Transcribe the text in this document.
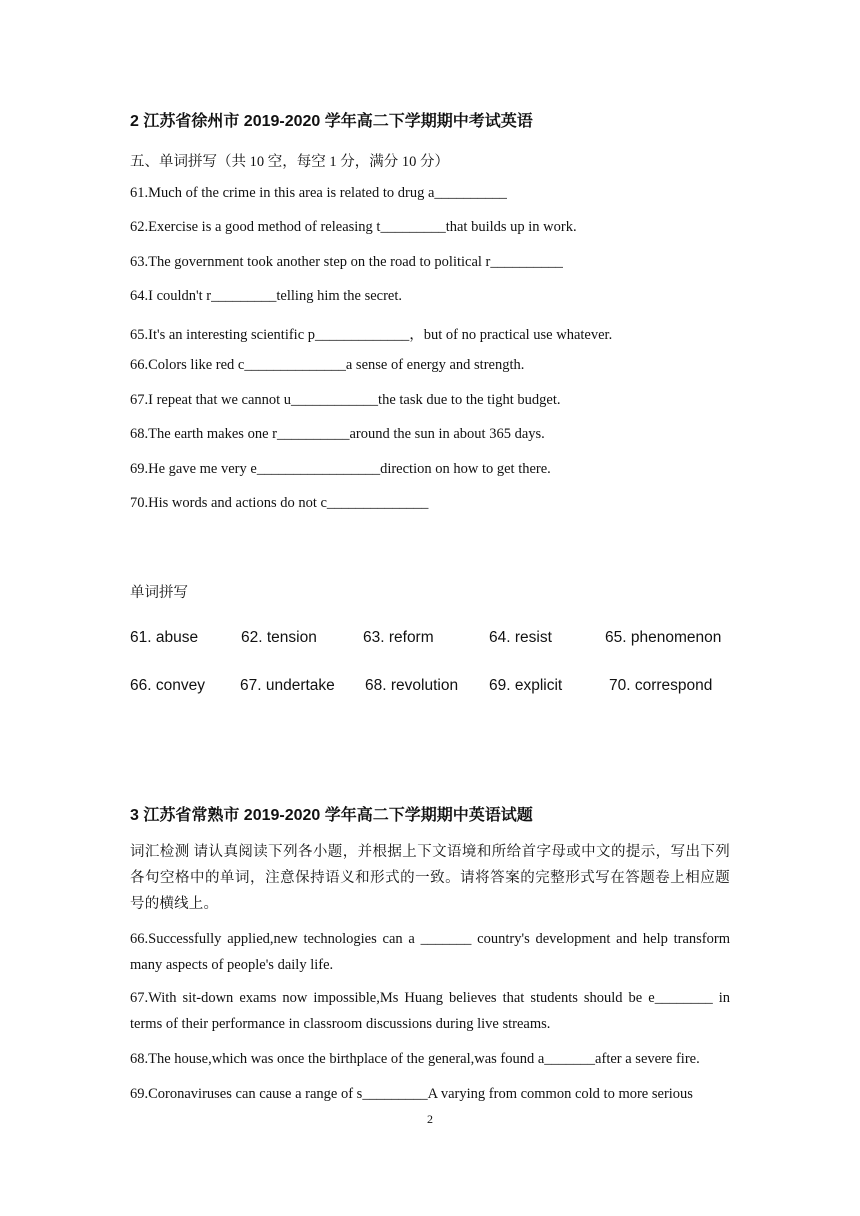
2 江苏省徐州市 2019-2020 学年高二下学期期中考试英语
五、单词拼写（共 10 空，每空 1 分，满分 10 分）
61.Much of the crime in this area is related to drug a__________
62.Exercise is a good method of releasing t_________that builds up in work.
63.The government took another step on the road to political r__________
64.I couldn't r_________telling him the secret.
65.It's an interesting scientific p_____________，but of no practical use whatever.
66.Colors like red c______________a sense of energy and strength.
67.I repeat that we cannot u____________the task due to the tight budget.
68.The earth makes one r__________around the sun in about 365 days.
69.He gave me very e_________________direction on how to get there.
70.His words and actions do not c______________
单词拼写
61. abuse	62. tension	63. reform	64. resist	65. phenomenon
66. convey 67. undertake 68. revolution 69. explicit	70. correspond
3 江苏省常熟市 2019-2020 学年高二下学期期中英语试题
词汇检测 请认真阅读下列各小题，并根据上下文语境和所给首字母或中文的提示，写出下列各句空格中的单词，注意保持语义和形式的一致。请将答案的完整形式写在答题卷上相应题号的横线上。
66.Successfully applied,new technologies can a _______ country's development and help transform many aspects of people's daily life.
67.With sit-down exams now impossible,Ms Huang believes that students should be e________ in terms of their performance in classroom discussions during live streams.
68.The house,which was once the birthplace of the general,was found a_______after a severe fire.
69.Coronaviruses can cause a range of s_________A varying from common cold to more serious
2
